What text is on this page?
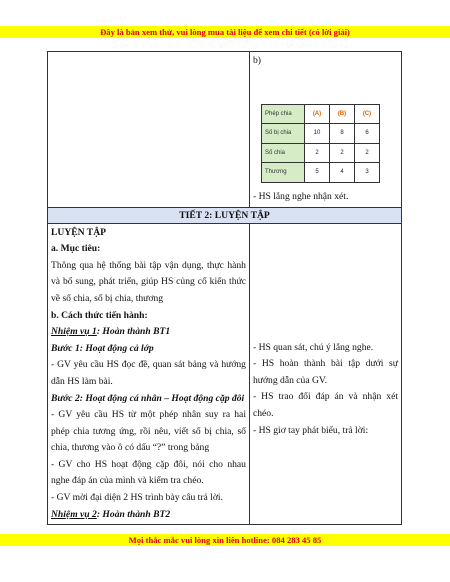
Đây là bản xem thử, vui lòng mua tài liệu để xem chi tiết (có lời giải)

b)

Phép chia	(A)	(B)	(C)
Số bị chia	10	8	6
Số chia	2	2	2
Thương	5	4	3

- HS lắng nghe nhận xét.

TIẾT 2: LUYỆN TẬP

LUYỆN TẬP

a. Mục tiêu:

Thông qua hệ thống bài tập vận dụng, thực hành và bổ sung, phát triển, giúp HS củng cố kiến thức về số chia, số bị chia, thương

b. Cách thức tiến hành:

Nhiệm vụ 1: Hoàn thành BT1

Bước 1: Hoạt động cả lớp

- GV yêu cầu HS đọc đề, quan sát bảng và hướng dẫn HS làm bài.

Bước 2: Hoạt động cá nhân – Hoạt động cặp đôi

- GV yêu cầu HS từ một phép nhân suy ra hai phép chia tương ứng, rồi nêu, viết số bị chia, số chia, thương vào ô có dấu “?” trong bảng

- GV cho HS hoạt động cặp đôi, nói cho nhau nghe đáp án của mình và kiểm tra chéo.

- GV mời đại diện 2 HS trình bày câu trả lời.

Nhiệm vụ 2: Hoàn thành BT2

- HS quan sát, chú ý lắng nghe.

- HS hoàn thành bài tập dưới sự hướng dẫn của GV.

- HS trao đổi đáp án và nhận xét chéo.

- HS giơ tay phát biểu, trả lời:

Mọi thắc mắc vui lòng xin liên hotline: 084 283 45 85
